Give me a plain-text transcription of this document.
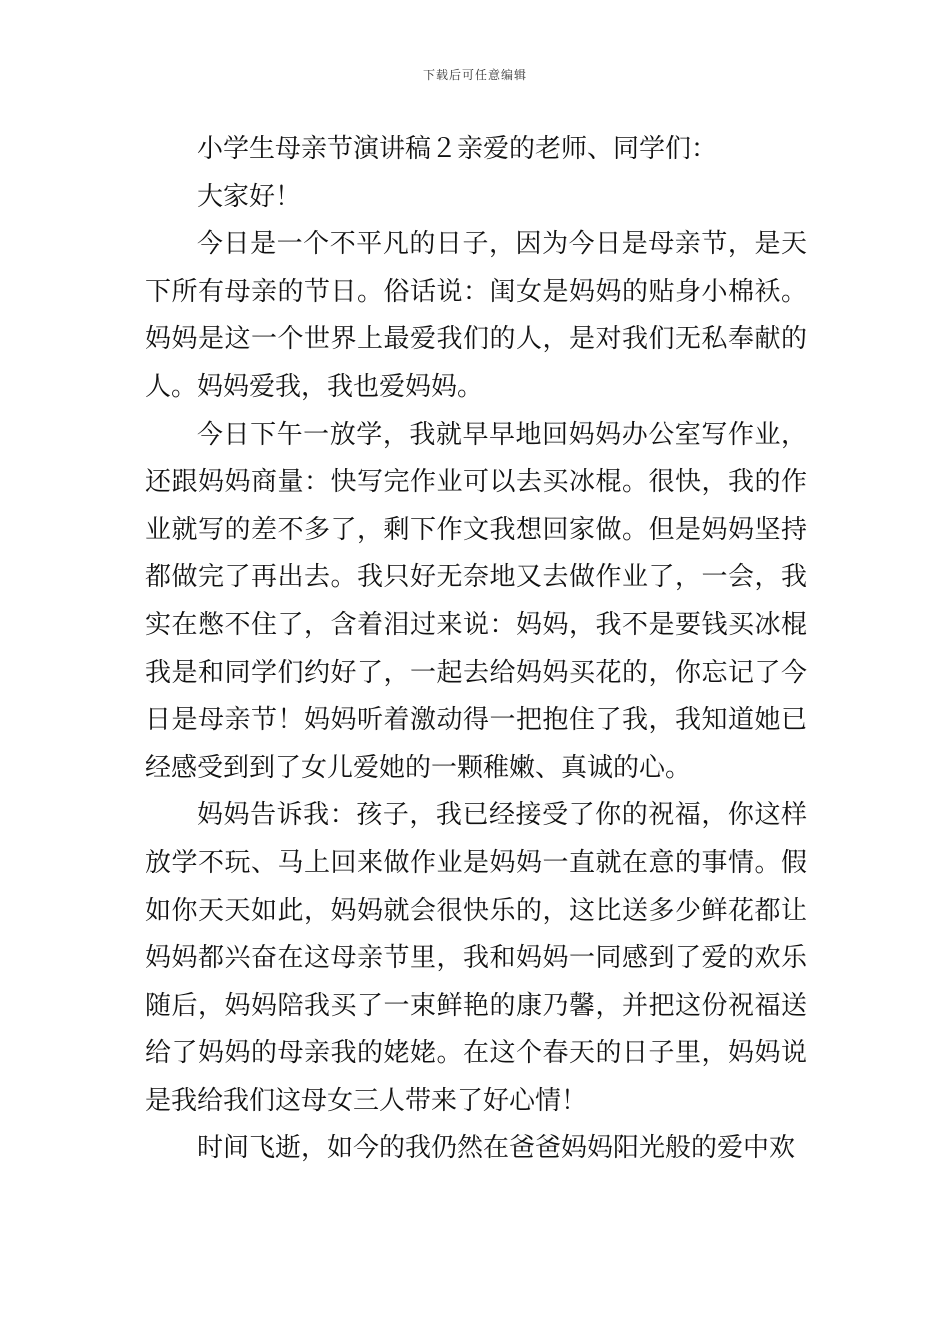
下载后可任意编辑

小学生母亲节演讲稿２亲爱的老师、同学们：

大家好！

今日是一个不平凡的日子，因为今日是母亲节，是天下所有母亲的节日。俗话说：闺女是妈妈的贴身小棉袄。妈妈是这一个世界上最爱我们的人，是对我们无私奉献的人。妈妈爱我，我也爱妈妈。

今日下午一放学，我就早早地回妈妈办公室写作业，还跟妈妈商量：快写完作业可以去买冰棍。很快，我的作业就写的差不多了，剩下作文我想回家做。但是妈妈坚持都做完了再出去。我只好无奈地又去做作业了，一会，我实在憋不住了，含着泪过来说：妈妈，我不是要钱买冰棍我是和同学们约好了，一起去给妈妈买花的，你忘记了今日是母亲节！妈妈听着激动得一把抱住了我，我知道她已经感受到到了女儿爱她的一颗稚嫩、真诚的心。

妈妈告诉我：孩子，我已经接受了你的祝福，你这样放学不玩、马上回来做作业是妈妈一直就在意的事情。假如你天天如此，妈妈就会很快乐的，这比送多少鲜花都让妈妈都兴奋在这母亲节里，我和妈妈一同感到了爱的欢乐随后，妈妈陪我买了一束鲜艳的康乃馨，并把这份祝福送给了妈妈的母亲我的姥姥。在这个春天的日子里，妈妈说是我给我们这母女三人带来了好心情！

时间飞逝，如今的我仍然在爸爸妈妈阳光般的爱中欢
